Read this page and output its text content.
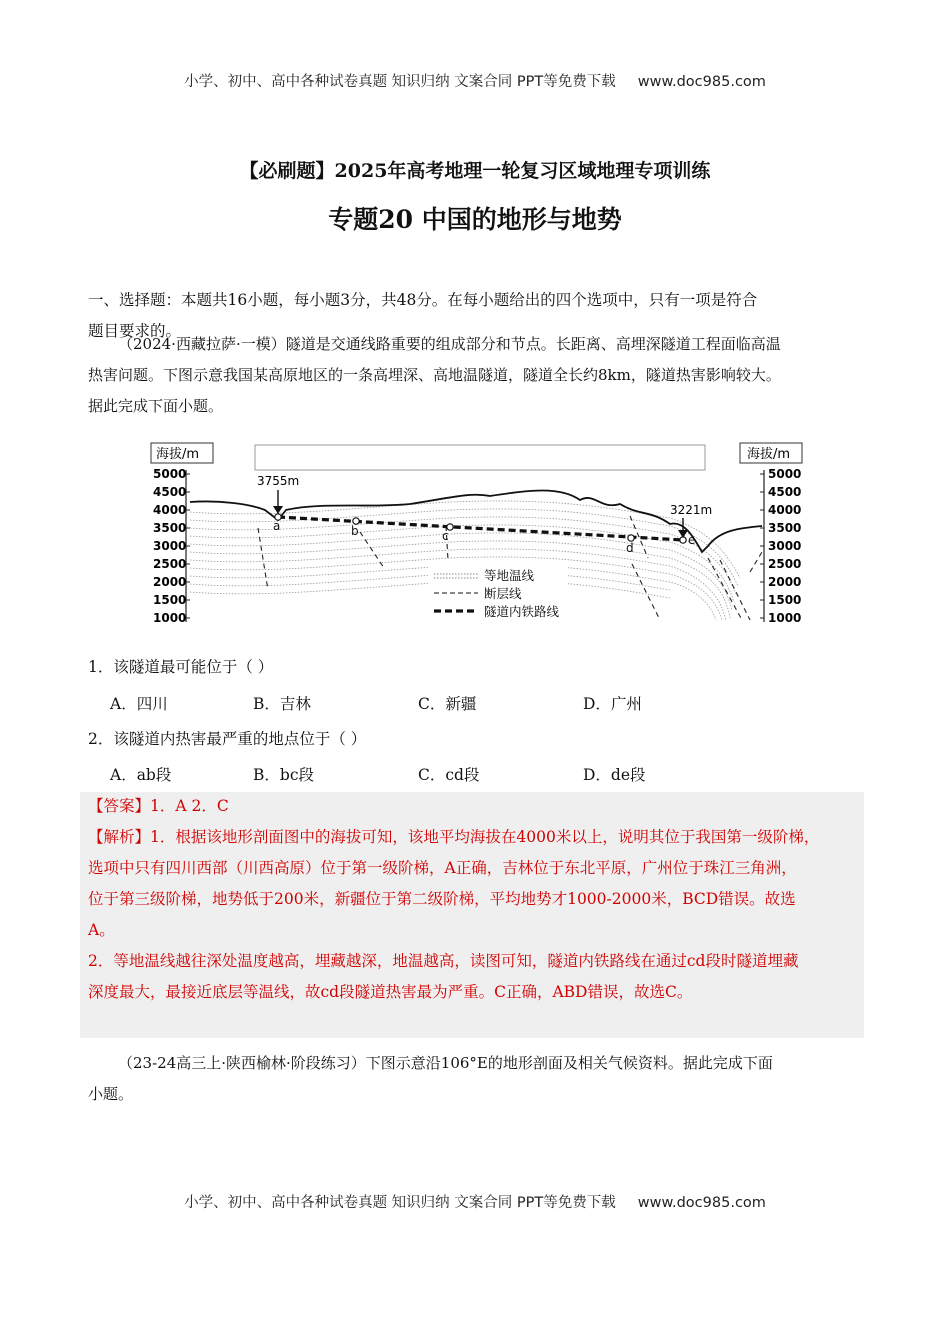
小学、初中、高中各种试卷真题 知识归纳 文案合同 PPT等免费下载 www.doc985.com
【必刷题】2025年高考地理一轮复习区域地理专项训练
专题20 中国的地形与地势
一、选择题：本题共16小题，每小题3分，共48分。在每小题给出的四个选项中，只有一项是符合
题目要求的。
（2024·西藏拉萨·一模）隧道是交通线路重要的组成部分和节点。长距离、高埋深隧道工程面临高温
热害问题。下图示意我国某高原地区的一条高埋深、高地温隧道，隧道全长约8km，隧道热害影响较大。
据此完成下面小题。
海拔/m
5000
4500
4000
3500
3000
2500
2000
1500
1000
海拔/m
5000
4500
4000
3500
3000
2500
2000
1500
1000
a	b	c
d
e
3755m
3221m
等地温线
断层线
隧道内铁路线
1．该隧道最可能位于（ ）
A．四川	B．吉林	C．新疆	D．广州
2．该隧道内热害最严重的地点位于（ ）
A．ab段	B．bc段	C．cd段	D．de段
【答案】1．A 2．C
【解析】1．根据该地形剖面图中的海拔可知，该地平均海拔在4000米以上，说明其位于我国第一级阶梯，
选项中只有四川西部（川西高原）位于第一级阶梯，A正确，吉林位于东北平原，广州位于珠江三角洲，
位于第三级阶梯，地势低于200米，新疆位于第二级阶梯，平均地势才1000-2000米，BCD错误。故选
A。
2．等地温线越往深处温度越高，埋藏越深，地温越高，读图可知，隧道内铁路线在通过cd段时隧道埋藏
深度最大，最接近底层等温线，故cd段隧道热害最为严重。C正确，ABD错误，故选C。
（23-24高三上·陕西榆林·阶段练习）下图示意沿106°E的地形剖面及相关气候资料。据此完成下面
小题。
小学、初中、高中各种试卷真题 知识归纳 文案合同 PPT等免费下载 www.doc985.com
